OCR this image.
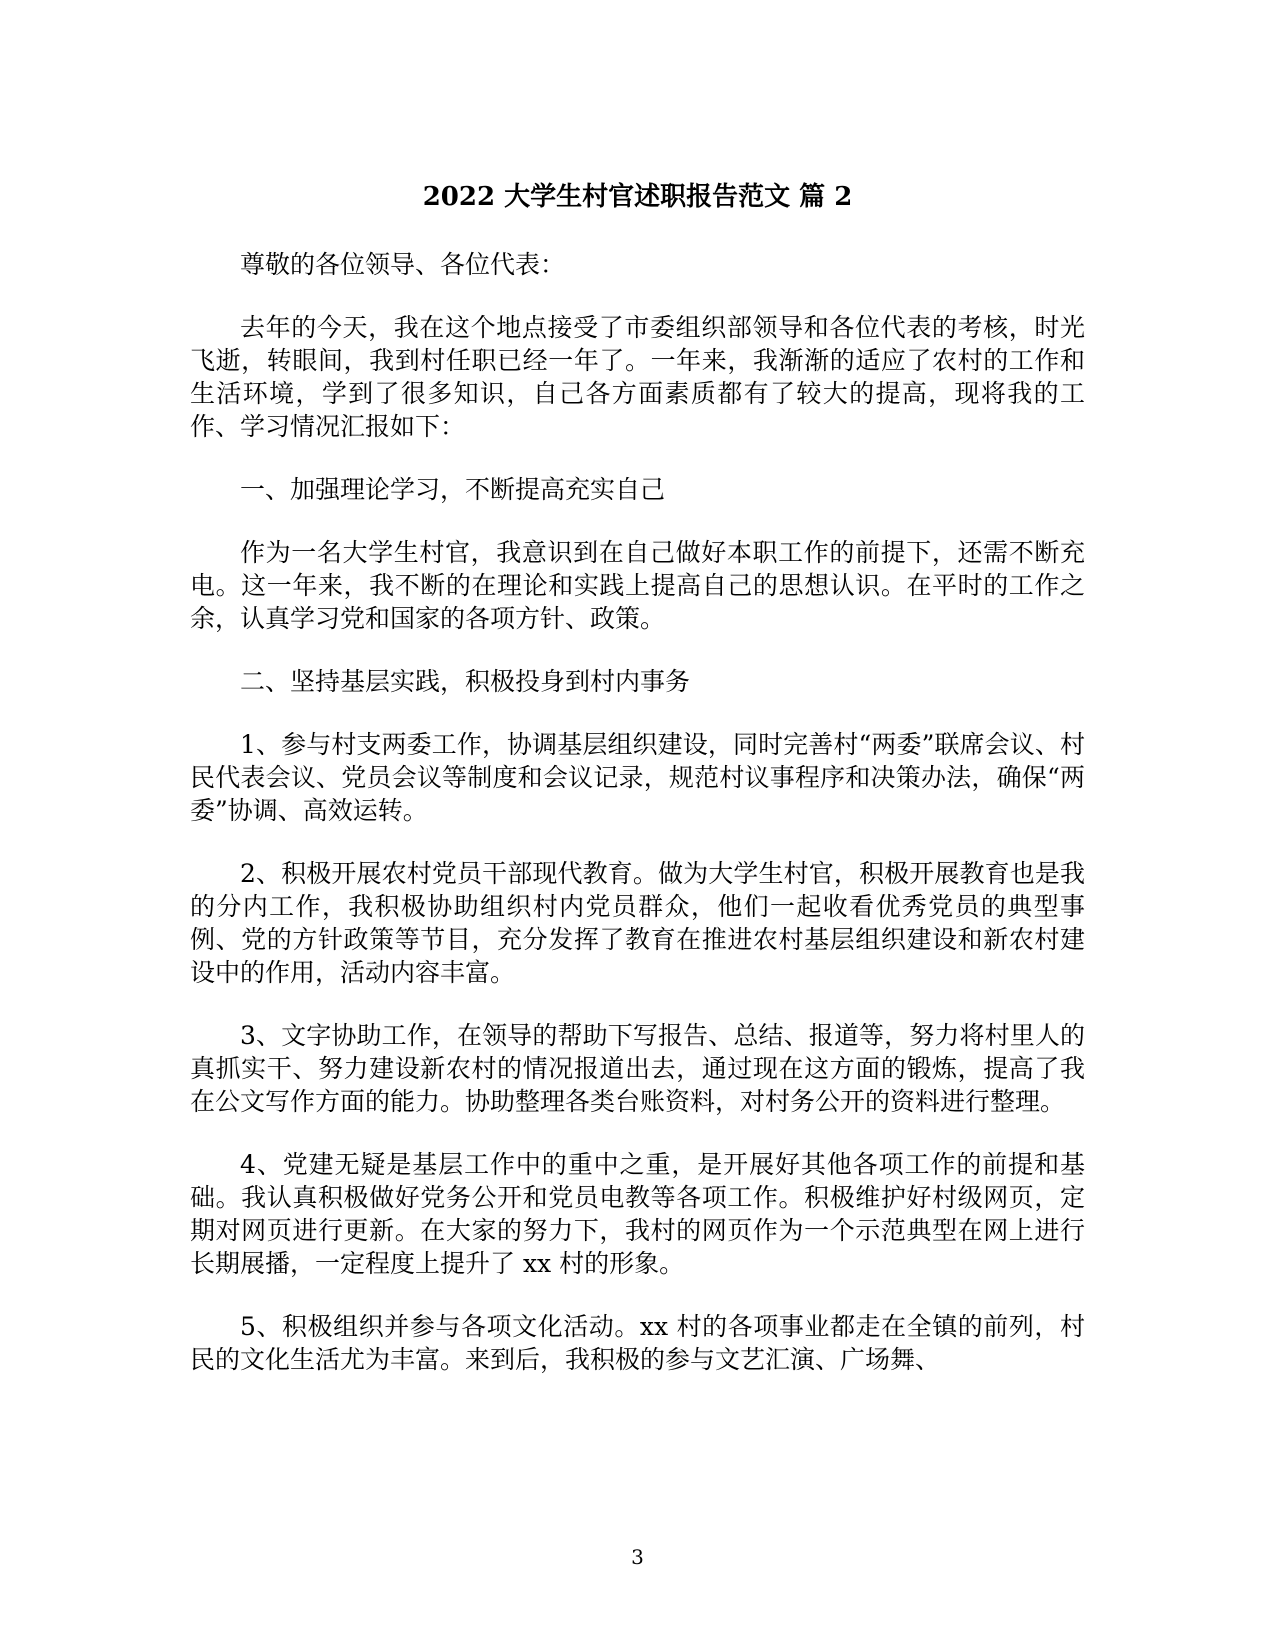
2022 大学生村官述职报告范文 篇 2

尊敬的各位领导、各位代表：

去年的今天，我在这个地点接受了市委组织部领导和各位代表的考核，时光飞逝，转眼间，我到村任职已经一年了。一年来，我渐渐的适应了农村的工作和生活环境，学到了很多知识，自己各方面素质都有了较大的提高，现将我的工作、学习情况汇报如下：

一、加强理论学习，不断提高充实自己

作为一名大学生村官，我意识到在自己做好本职工作的前提下，还需不断充电。这一年来，我不断的在理论和实践上提高自己的思想认识。在平时的工作之余，认真学习党和国家的各项方针、政策。

二、坚持基层实践，积极投身到村内事务

1、参与村支两委工作，协调基层组织建设，同时完善村“两委”联席会议、村民代表会议、党员会议等制度和会议记录，规范村议事程序和决策办法，确保“两委”协调、高效运转。

2、积极开展农村党员干部现代教育。做为大学生村官，积极开展教育也是我的分内工作，我积极协助组织村内党员群众，他们一起收看优秀党员的典型事例、党的方针政策等节目，充分发挥了教育在推进农村基层组织建设和新农村建设中的作用，活动内容丰富。

3、文字协助工作，在领导的帮助下写报告、总结、报道等，努力将村里人的真抓实干、努力建设新农村的情况报道出去，通过现在这方面的锻炼，提高了我在公文写作方面的能力。协助整理各类台账资料，对村务公开的资料进行整理。

4、党建无疑是基层工作中的重中之重，是开展好其他各项工作的前提和基础。我认真积极做好党务公开和党员电教等各项工作。积极维护好村级网页，定期对网页进行更新。在大家的努力下，我村的网页作为一个示范典型在网上进行长期展播，一定程度上提升了 xx 村的形象。

5、积极组织并参与各项文化活动。xx 村的各项事业都走在全镇的前列，村民的文化生活尤为丰富。来到后，我积极的参与文艺汇演、广场舞、

3
